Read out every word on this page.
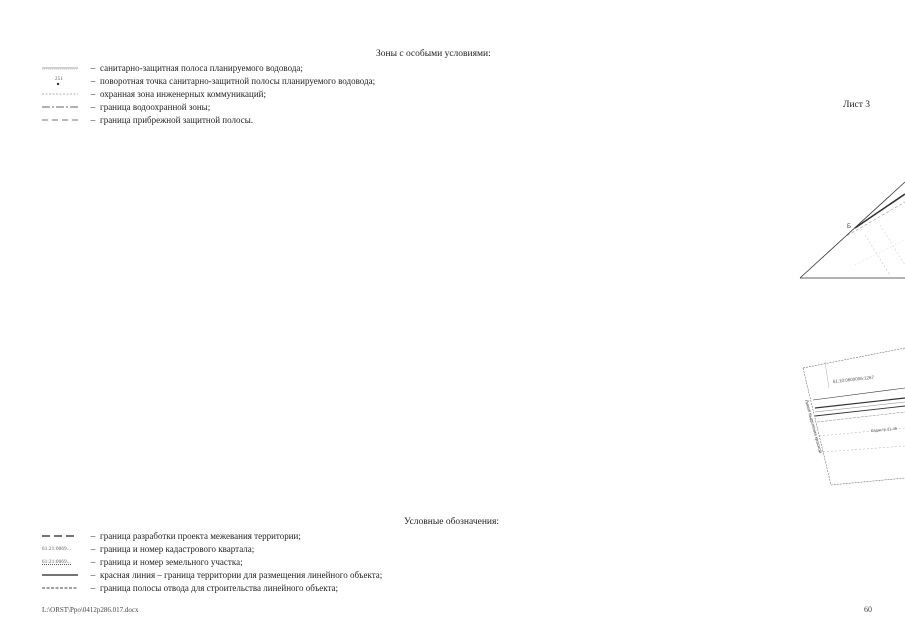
Зоны с особыми условиями:
– санитарно-защитная полоса планируемого водовода;
251	– поворотная точка санитарно-защитной полосы планируемого водовода;
– охранная зона инженерных коммуникаций;
– граница водоохранной зоны;
– граница прибрежной защитной полосы.
Лист 3
Б
61:10:0600006:1267
Кадастр 21.46
Линия выделения красной
Условные обозначения:
– граница разработки проекта межевания территории;
61:21:0069...	– граница и номер кадастрового квартала;
61:21:0069...	– граница и номер земельного участка;
– красная линия – граница территории для размещения линейного объекта;
– граница полосы отвода для строительства линейного объекта;
L:\ORST\Ppo\0412p286.017.docx	60
